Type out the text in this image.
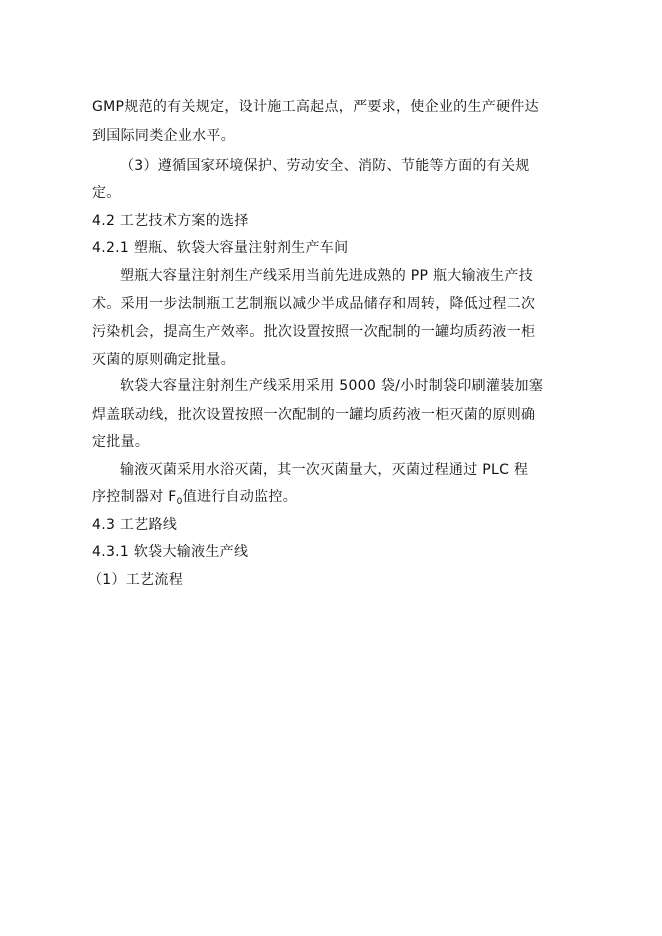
GMP规范的有关规定，设计施工高起点，严要求，使企业的生产硬件达
到国际同类企业水平。
（3）遵循国家环境保护、劳动安全、消防、节能等方面的有关规
定。
4.2 工艺技术方案的选择
4.2.1 塑瓶、软袋大容量注射剂生产车间
塑瓶大容量注射剂生产线采用当前先进成熟的 PP 瓶大输液生产技
术。采用一步法制瓶工艺制瓶以减少半成品储存和周转，降低过程二次
污染机会，提高生产效率。批次设置按照一次配制的一罐均质药液一柜
灭菌的原则确定批量。
软袋大容量注射剂生产线采用采用 5000 袋/小时制袋印刷灌装加塞
焊盖联动线，批次设置按照一次配制的一罐均质药液一柜灭菌的原则确
定批量。
输液灭菌采用水浴灭菌，其一次灭菌量大，灭菌过程通过 PLC 程
序控制器对 $F_0$值进行自动监控。
4.3 工艺路线
4.3.1 软袋大输液生产线
（1）工艺流程
